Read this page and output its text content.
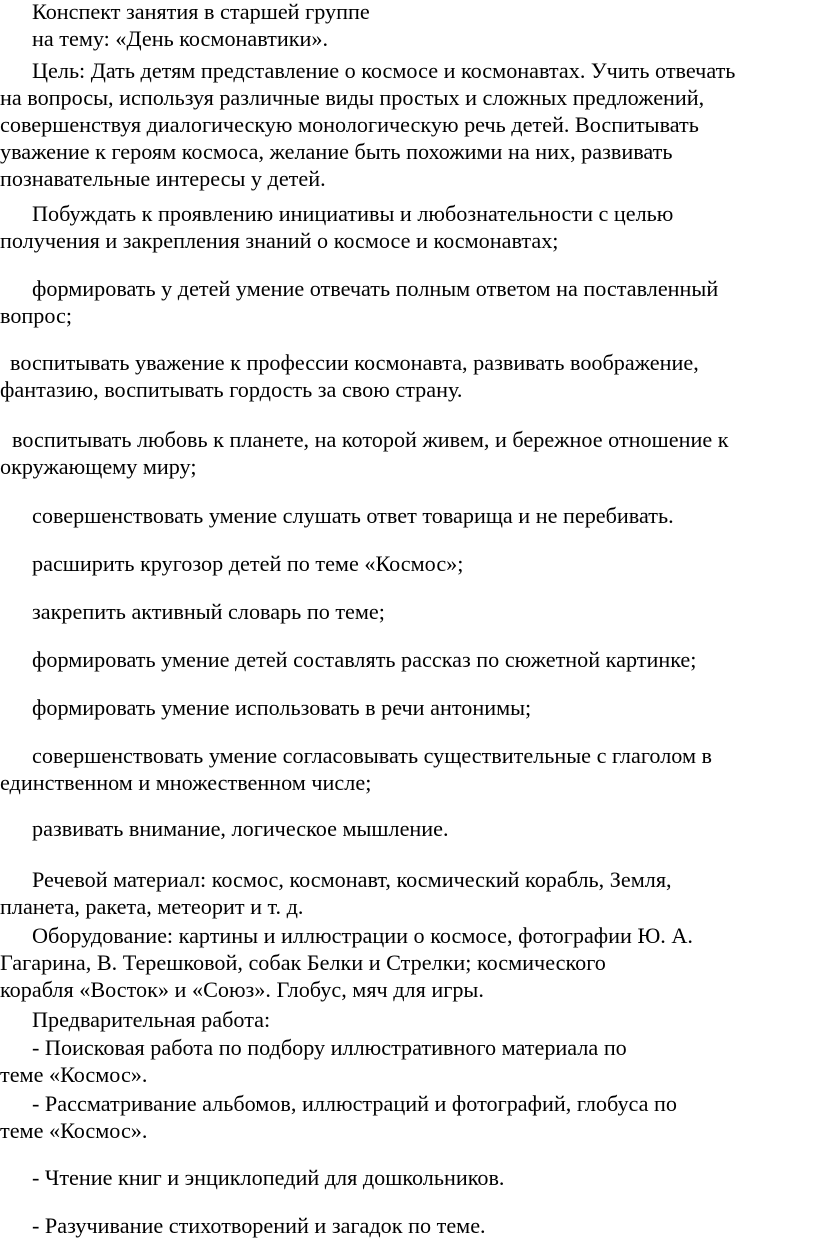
Конспект занятия в старшей группе

на тему: «День космонавтики».

Цель: Дать детям представление о космосе и космонавтах. Учить отвечать
на вопросы, используя различные виды простых и сложных предложений,
совершенствуя диалогическую монологическую речь детей. Воспитывать
уважение к героям космоса, желание быть похожими на них, развивать
познавательные интересы у детей.

Побуждать к проявлению инициативы и любознательности с целью
получения и закрепления знаний о космосе и космонавтах;

формировать у детей умение отвечать полным ответом на поставленный
вопрос;

воспитывать уважение к профессии космонавта, развивать воображение,
фантазию, воспитывать гордость за свою страну.

воспитывать любовь к планете, на которой живем, и бережное отношение к
окружающему миру;

совершенствовать умение слушать ответ товарища и не перебивать.

расширить кругозор детей по теме «Космос»;

закрепить активный словарь по теме;

формировать умение детей составлять рассказ по сюжетной картинке;

формировать умение использовать в речи антонимы;

совершенствовать умение согласовывать существительные с глаголом в
единственном и множественном числе;

развивать внимание, логическое мышление.

Речевой материал: космос, космонавт, космический корабль, Земля,
планета, ракета, метеорит и т. д.

Оборудование: картины и иллюстрации о космосе, фотографии Ю. А.
Гагарина, В. Терешковой, собак Белки и Стрелки; космического
корабля «Восток» и «Союз». Глобус, мяч для игры.

Предварительная работа:

- Поисковая работа по подбору иллюстративного материала по
теме «Космос».

- Рассматривание альбомов, иллюстраций и фотографий, глобуса по
теме «Космос».

- Чтение книг и энциклопедий для дошкольников.

- Разучивание стихотворений и загадок по теме.
